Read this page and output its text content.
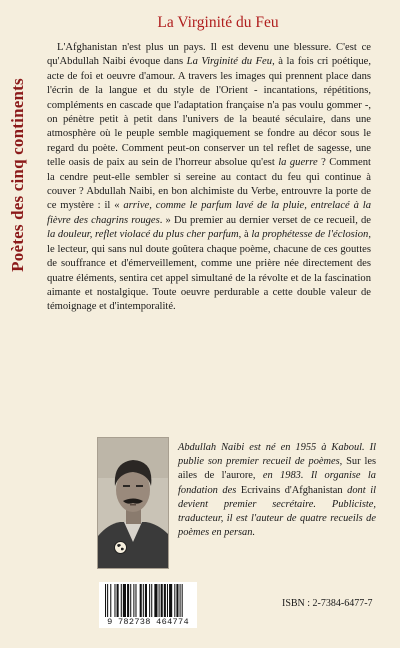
Poètes des cinq continents
La Virginité du Feu

L'Afghanistan n'est plus un pays. Il est devenu une blessure. C'est ce qu'Abdullah Naibi évoque dans La Virginité du Feu, à la fois cri poétique, acte de foi et oeuvre d'amour. A travers les images qui prennent place dans l'écrin de la langue et du style de l'Orient - incantations, répétitions, compléments en cascade que l'adaptation française n'a pas voulu gommer -, on pénètre petit à petit dans l'univers de la beauté séculaire, dans une atmosphère où le peuple semble magiquement se fondre au décor sous le regard du poète. Comment peut-on conserver un tel reflet de sagesse, une telle oasis de paix au sein de l'horreur absolue qu'est la guerre ? Comment la cendre peut-elle sembler si sereine au contact du feu qui continue à couver ? Abdullah Naibi, en bon alchimiste du Verbe, entrouvre la porte de ce mystère : il « arrive, comme le parfum lavé de la pluie, entrelacé à la fièvre des chagrins rouges. » Du premier au dernier verset de ce recueil, de la douleur, reflet violacé du plus cher parfum, à la prophétesse de l'éclosion, le lecteur, qui sans nul doute goûtera chaque poème, chacune de ces gouttes de souffrance et d'émerveillement, comme une prière née directement des quatre éléments, sentira cet appel simultané de la révolte et de la fascination aimante et nostalgique. Toute oeuvre perdurable a cette double valeur de témoignage et d'intemporalité.

Abdullah Naibi est né en 1955 à Kaboul. Il publie son premier recueil de poèmes, Sur les ailes de l'aurore, en 1983. Il organise la fondation des Ecrivains d'Afghanistan dont il devient premier secrétaire. Publiciste, traducteur, il est l'auteur de quatre recueils de poèmes en persan.
9 782738 464774
ISBN : 2-7384-6477-7
